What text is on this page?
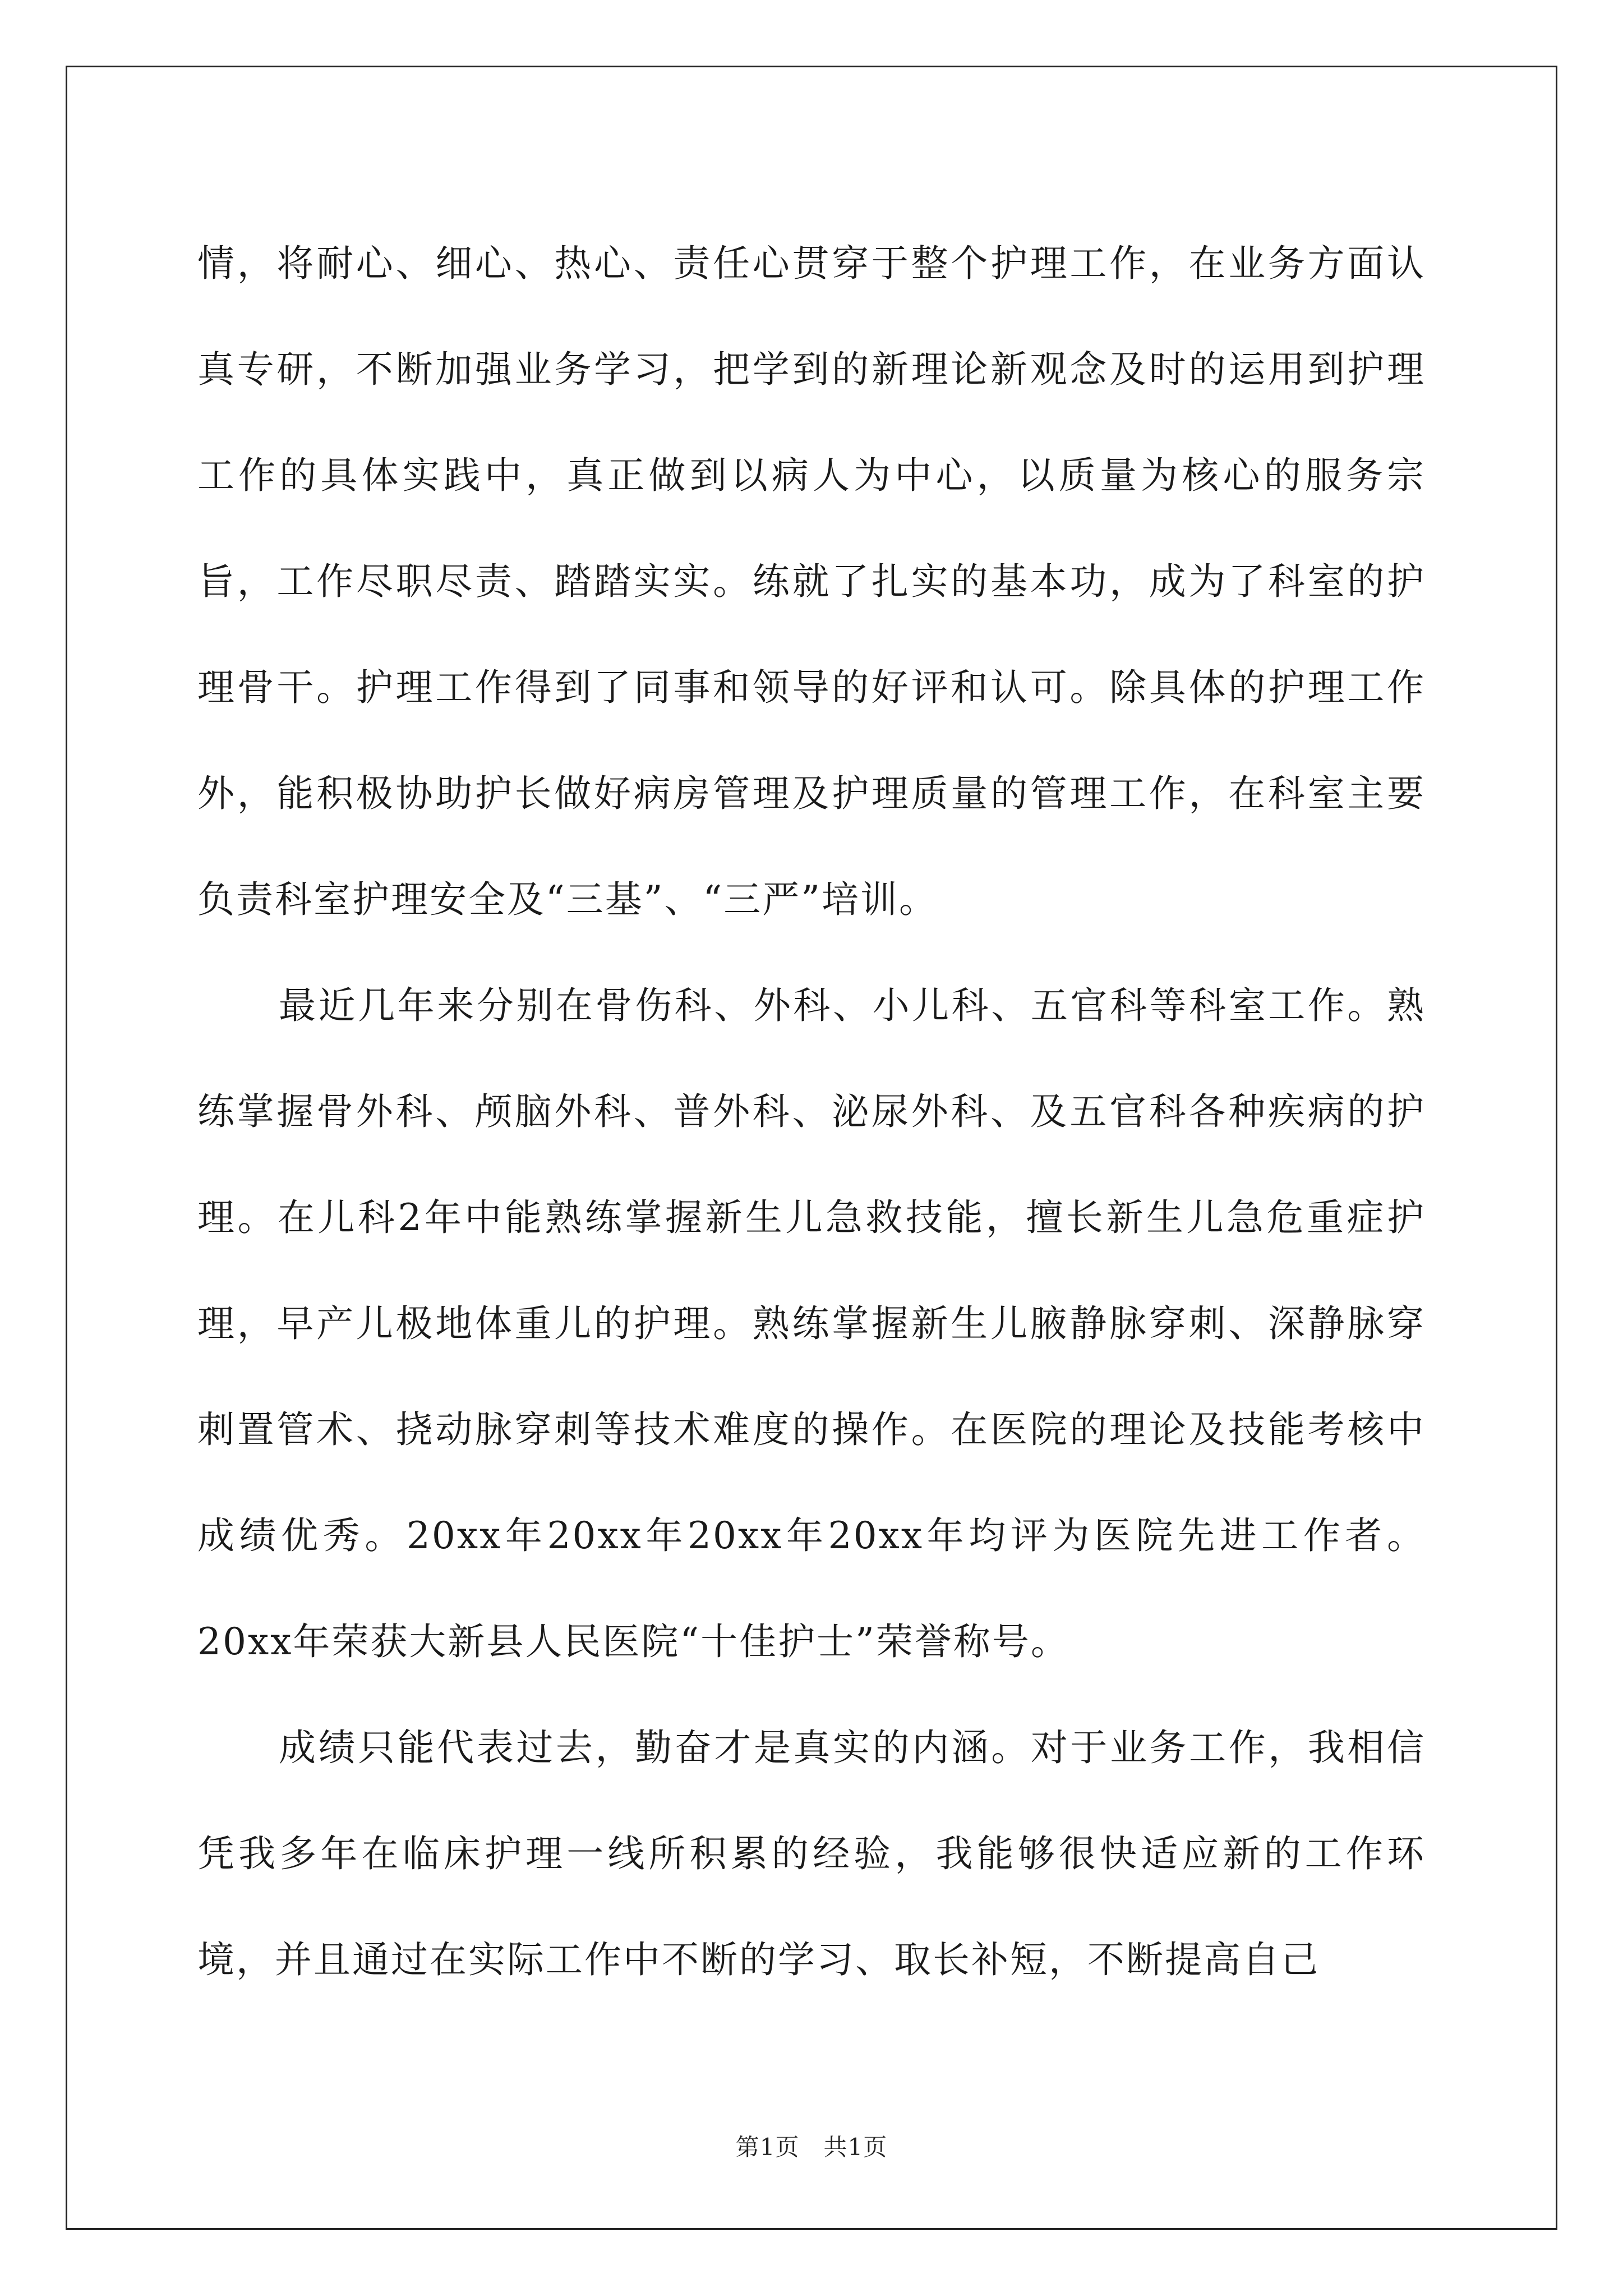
情，将耐心、细心、热心、责任心贯穿于整个护理工作，在业务方面认真专研，不断加强业务学习，把学到的新理论新观念及时的运用到护理工作的具体实践中，真正做到以病人为中心，以质量为核心的服务宗旨，工作尽职尽责、踏踏实实。练就了扎实的基本功，成为了科室的护理骨干。护理工作得到了同事和领导的好评和认可。除具体的护理工作外，能积极协助护长做好病房管理及护理质量的管理工作，在科室主要负责科室护理安全及“三基”、“三严”培训。

最近几年来分别在骨伤科、外科、小儿科、五官科等科室工作。熟练掌握骨外科、颅脑外科、普外科、泌尿外科、及五官科各种疾病的护理。在儿科2年中能熟练掌握新生儿急救技能，擅长新生儿急危重症护理，早产儿极地体重儿的护理。熟练掌握新生儿腋静脉穿刺、深静脉穿刺置管术、挠动脉穿刺等技术难度的操作。在医院的理论及技能考核中成绩优秀。20xx年20xx年20xx年20xx年均评为医院先进工作者。20xx年荣获大新县人民医院“十佳护士”荣誉称号。

成绩只能代表过去，勤奋才是真实的内涵。对于业务工作，我相信凭我多年在临床护理一线所积累的经验，我能够很快适应新的工作环境，并且通过在实际工作中不断的学习、取长补短，不断提高自己

第1页　共1页
